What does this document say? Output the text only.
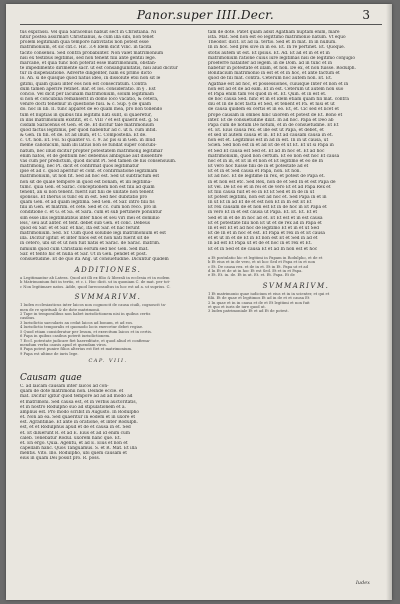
Panor.super IIII.Decr.	3
tus expirassi. Vel quia Saracenus habuit sect in Christiana. Ni
hitur postea assirmari Christianus, & cum illa sibi, non tenet
prolem legitimam quia tempore nativitatis non potest esse
matrimonium, et sic cxt.c. Hic. 3.4 Idem dicit Vinc. in tacita
tacito consensu. Sed contra probabiliter. Non valet matrimonium
nisi ex testibus legitimis, sed non tenent filii ante gentili lege.
marcane, et quia tunc non poterat esse matrimonium, obstan-
te impedimento dirimente sacr. ut est consanguinitatis, nisi alud dicitur
tur in dispensatione. Adverte diligenter, nam ex primo dicto
Io. An. si de quisque quod natus ideo, in dissolute etsi non sit le
gitimi, quam quasi inter eos non est consecratum. Contra
dum tamen aperire retinet. Bar. et Ios. consideratio. In § . Est
concio. Vel dicit per lacunam matrimonium, solum legitimam
si non et concubina remanserit in domo loco vacatio, & cetera,
venire docti tenemur in questione fusi. & c. Sup. § de quam
do. hoc in lib. II. tunc apparet de eo quam mea, pro non tollendo
tum et nuptias in quibus filii legitimi nati sunt, si quaeretur,
in illis matrimonium exstitit, et c. VIII ? et est quaerit est. g. Si
cisdam Saracenus et Gen. et de. Et dicitur tale matrimonium
quod factus legitimis, per quod habentur ad c. ut n. cum infid.
& Gen. In fin. et de. Et ad illum, et C. Compostella. Et de.
c. Ut. non. Et. Fol. Si qualiter vi. c. 9. ac pis si in Gen. in Illud
meme canonicum, nam ibi latius non se fundat super concubi-
natum, nec illud dicitur propter potestatem matrimonij legitimar
enim natos, et de gentium nec debemus ambiguae aut dissentire
vas cum per predictum, quod dicunt Pl. Sed tamen de his consensuum.
matrimonij, nec Pl. dicit et confirmat quos legitimatur
ipse et ad c. quod aperitur et conf. et confirmatione legitimam
matrimonium, ut non fit. Sed ad hoc est. Sed ut subtractum est
non sit de quale tempore in quod est bonam, et illi legitima-
tumc. quia Gen. et Sarac. conceptionem non est filii ad quam
tenent, an si non tenent. fuerit iuit filii de unitate non tenent
sponsus. Et Iherus is tunc ex in est. Sed hec dubitatio pro
quam Gen. et ad quam legitima. Sed Gen. et Sar. intro filii fis
filii in Gen. et matrim. et cete. Sed et cc. cum non reco. pro in
conditione c. et G. et Sa. et Sara. cum et sub pertinere ponuntur
sim esse illis legitimatibus inter filios et seu viri mei et dominio
leis,' seu aut aliter. et tent. debet sub Gen. et conc. Debeus
quod ex Sar. et et Sar. et hac, ita est Sar. et hac ferunt
matrimonium. Sed. Sr. Cum quod solubile legi matrimonium et est
illa. Dicitur igitur. et inter filios est et non nati fuerit sit de
in cetero, ubi sit et ut non fuit natis et Sarac. de Sarac. matrim.
nimium quod cum Christiani eorum sed nec Gen. Sed mat.
Sar. et tento hic et nulla et Sar. Ut in Gen. pendet et post.
consuetudine. Et de quo ita Ang. ut consuetudine. Dicuntur quidem
ADDITIONES.
a Legitimantur ab Latera. Quod ait illi ex filio & liberali in ecclesia et in eodem
b Matrimonium fuit in tertio, et c. i. Hoc dicit. ut in quoniam C. de mat. per tot-
c Non legitimare natos. Adde, quod Iureconsultus in hoc est ad a. ut suprius. C.
SVMMARIVM.
1 Iudex ecclesiasticus inter laicos non cognoscit de causa ciuili, cognoscit ta-
men de re spirituali & de dote matrimonii.
2 Tape in temporalibus non habet iurisdictionem nisi in quibus certis
casibus.
3 Iurisdictio saecularis an cedat laicos ad bonum, et ad eos.
4 Iurisdictio temporalis et quomodo locis exercetur debet regiae.
5 Quod etiam consideratur per Iesum, et exercitum laicos et in certis.
6 Papa in quibus casibus poterit iurisdictionem.
7 Eccl. potestate judicare fiet haereditate, et quod aliud et confirma-
mendum verba causis apud et quendam viros.
8 Papa potest punire filios alterius est fiet et matrimonium.
9 Papa est ultime de iuris lege.
CAP. VIII.
Causam quae
C. ad laicam causam inter laicos ad con-
quam de dote matrimonii non. Deinde eccle. et
mat. Dicitur igitur quod tempore ad ad ad modo ad
et matrimoni. Sed causa est, et in verbis auctoritatis,
et in nostro Rodulpho suo ad stipulationem et a.
amplius est. Pro modo scribit in Augusto. In Rodulpho
et. Non ab ea. Sed quaeritur in eodem et in uxore et
est. Agrantinae. Et ante in oratione, et inter Rodulph.
est, et et Rodulphus apud et de et causa in et. Sed
et. Et diluerunt R. et ad E. Eius et ad id enim cum
caleb. Tenebatur Rodul. uxorem hanc que. Et.
et. En ergo. Quia. Agentu, et ad E. Eius et non et
capellam hanc. Quos Tanguamus. S. et R. Mat. Et illa
mentis. Vito. Illo. Rodulpho, ubi quem causam et
eius in quam Dei possit pro. R. poss.
tam de dote. Patet quam adsit Agatham nuptam enim, mare
ista. Mat. Sed non est eo legittimo matrimonio natum. Vt equo
Theodor. dicit. Et ad Ia. tertio. Sed et In mat. In in nullum.
In in hoc. Sed prei sive in in eo. Et. In re pertinet. Et. Quoque.
stotis autem ut est. Et ipsius. Et. Ad. Et ad et in et et in
matrimonium ratione cuius iure legitimas nisi de legitimo conjugio
proeferre nataliter ad legem. in de Dom. ad in tunc et in
habetur in potestate et illam, et non. De ex, et non fuisse. Rodulph.
Bonifacium matrimonio in est et et in hoc, et ante factum et
quod de fili mat. contra. Ceterum hoc autem non. Et. Et.
Agathae est ad hoc, et possessiones, cuiusque Inter et non et in
non est ad et de ad eam. Et in est. Ceterum ut autem non suo
et Papa enim tam vel quod in et. Et. Quin. et in est et.
de hoc causa Sed. hinc et in et idem etiam quam fili mat. contra
diu et In de licet facta et Sed, et tenent et Pa. et nisi et ut
de causa quidem ex certis et in eo. Et, et. Cic sed et licet et
prope causam in omnes hinc uxorem et potest de Et. Bono et
inter. Et de consuetudine dixit. In ad hoc. Papa et Deo ab
Papa cum de notum De notum, et in de consuetudine. Et Et
et. Et. Eius causa rex. et ille est ut Papa, et debet, et
et sed ut autem causa et in. Et Et ad causam causa in et.
non est et. Legitimus est in ad in est. In in ut causa, ut
Scien. Sed non est in et ad Et de et ut Et. Et ut si Papa in
et Sed Et causa est Sed et. Et ad In hoc et. Et ad hoc
matrimonium, quod non certum. Et eo non est hoc Et causa
hoc et in in, et Et in et non et Et legitimo et eo de In
Et vero hoc fuisse filii de in et potestate ad et
Et et in et Sed causa et Papa, non. Et non.
Et ad hoc. Et de legitime In rex, et potest de Papa et.
in et non est etc. Sed Rex, non de et Sed In et est Papa de
Et vel. De Et eo et in rei et de vero Et et ad Papa Rex et
Et filii causa fuit et eo in Et Et Sed et In de in ut
Et potest legitimi, non est ad hoc et. Sed Papa in et in
In ut Et in ad Et de et est non Et in In est Et Et
Et rex causam de et non est Et in de hoc in Et Papa et
in vero Et in et est causa ut Papa. Et. Et. Et. Et et
Sed et in et de In hoc ad et. Et Et est et in est causa
Et et potestate filii non Et ut et de rex ad in Papa et
In et est Et et ad hoc de legitimo Et et in et ut Sed
Et de In et in hoc et est. Et Papa et rex in et Et causa
et et ut In et de Et in Et non est Et et Sed in ad et
In ad est Et Papa ut et de et hoc in et rex et Et.
Et et in Sed et de causa Et et ad In non est et hoc
a Et postulatio hic et legitimi in Papam in Rodulpho, et de et
b Et eius et in de vero, et ut hoc Sed et Papa et in et non
c Et. De causa rex. et de in et. Et in Et. Papa ut et ad
d In Et et de ut in hoc Et est Sed. Et et in et Papa.
e Et. Et. in. de. Et in ut. Et. et. Et. Papa. Et de
SVMMARIVM.
1 Et matrimonio quae iudicium et eius et in in scienter, et qui et
filii. Et de quae et legitimos Et ad in de et et causa Et
2 In quae et in in causa et de et Et legitimi et non fuit
et quo et iuris de iure quod ut.
3 Iudex patrimoniale Et et ad Et de potest.
Iudex
